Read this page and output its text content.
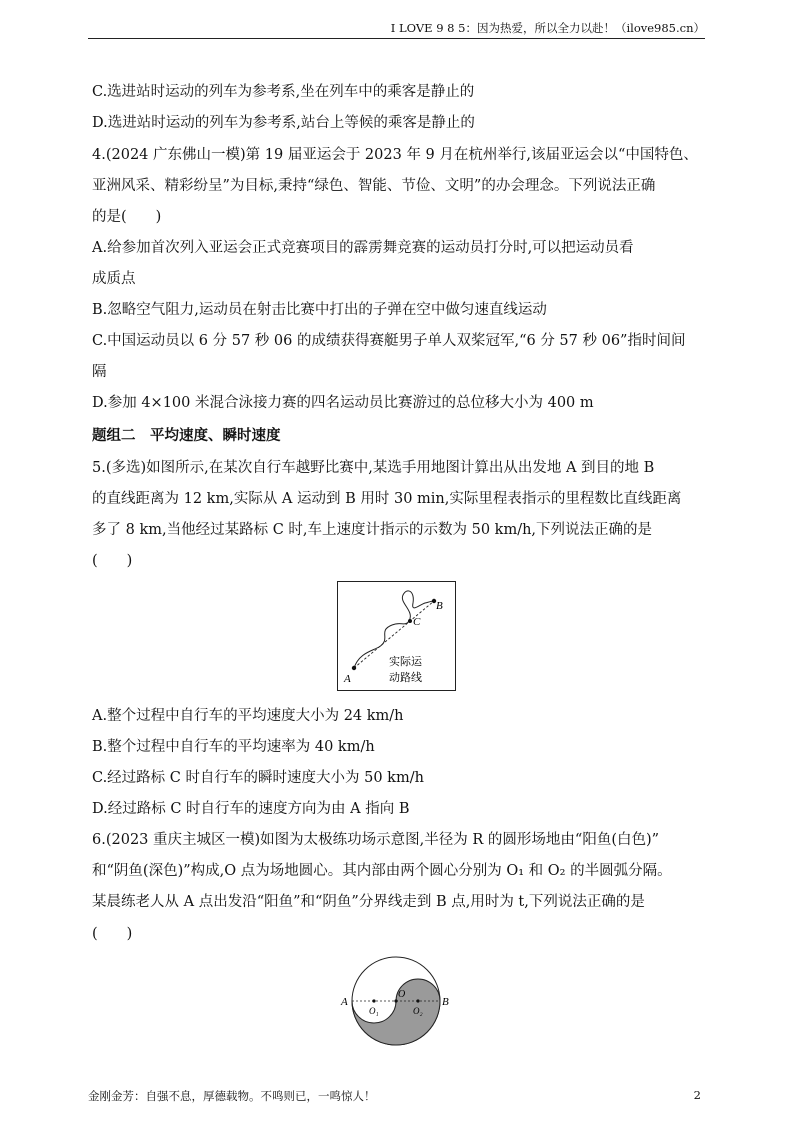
I LOVE 9 8 5：因为热爱，所以全力以赴！（ilove985.cn）
C.选进站时运动的列车为参考系,坐在列车中的乘客是静止的
D.选进站时运动的列车为参考系,站台上等候的乘客是静止的
4.(2024 广东佛山一模)第 19 届亚运会于 2023 年 9 月在杭州举行,该届亚运会以“中国特色、
亚洲风采、精彩纷呈”为目标,秉持“绿色、智能、节俭、文明”的办会理念。下列说法正确
的是(　　)
A.给参加首次列入亚运会正式竞赛项目的霹雳舞竞赛的运动员打分时,可以把运动员看
成质点
B.忽略空气阻力,运动员在射击比赛中打出的子弹在空中做匀速直线运动
C.中国运动员以 6 分 57 秒 06 的成绩获得赛艇男子单人双桨冠军,“6 分 57 秒 06”指时间间
隔
D.参加 4×100 米混合泳接力赛的四名运动员比赛游过的总位移大小为 400 m
题组二　平均速度、瞬时速度
5.(多选)如图所示,在某次自行车越野比赛中,某选手用地图计算出从出发地 A 到目的地 B
的直线距离为 12 km,实际从 A 运动到 B 用时 30 min,实际里程表指示的里程数比直线距离
多了 8 km,当他经过某路标 C 时,车上速度计指示的示数为 50 km/h,下列说法正确的是
(　　)
A
B
C
实际运
动路线
A.整个过程中自行车的平均速度大小为 24 km/h
B.整个过程中自行车的平均速率为 40 km/h
C.经过路标 C 时自行车的瞬时速度大小为 50 km/h
D.经过路标 C 时自行车的速度方向为由 A 指向 B
6.(2023 重庆主城区一模)如图为太极练功场示意图,半径为 R 的圆形场地由“阳鱼(白色)”
和“阴鱼(深色)”构成,O 点为场地圆心。其内部由两个圆心分别为 O₁ 和 O₂ 的半圆弧分隔。
某晨练老人从 A 点出发沿“阳鱼”和“阴鱼”分界线走到 B 点,用时为 t,下列说法正确的是
(　　)
A	B
O
O₁	O₂
金刚金芳：自强不息，厚德载物。不鸣则已，一鸣惊人！	2
